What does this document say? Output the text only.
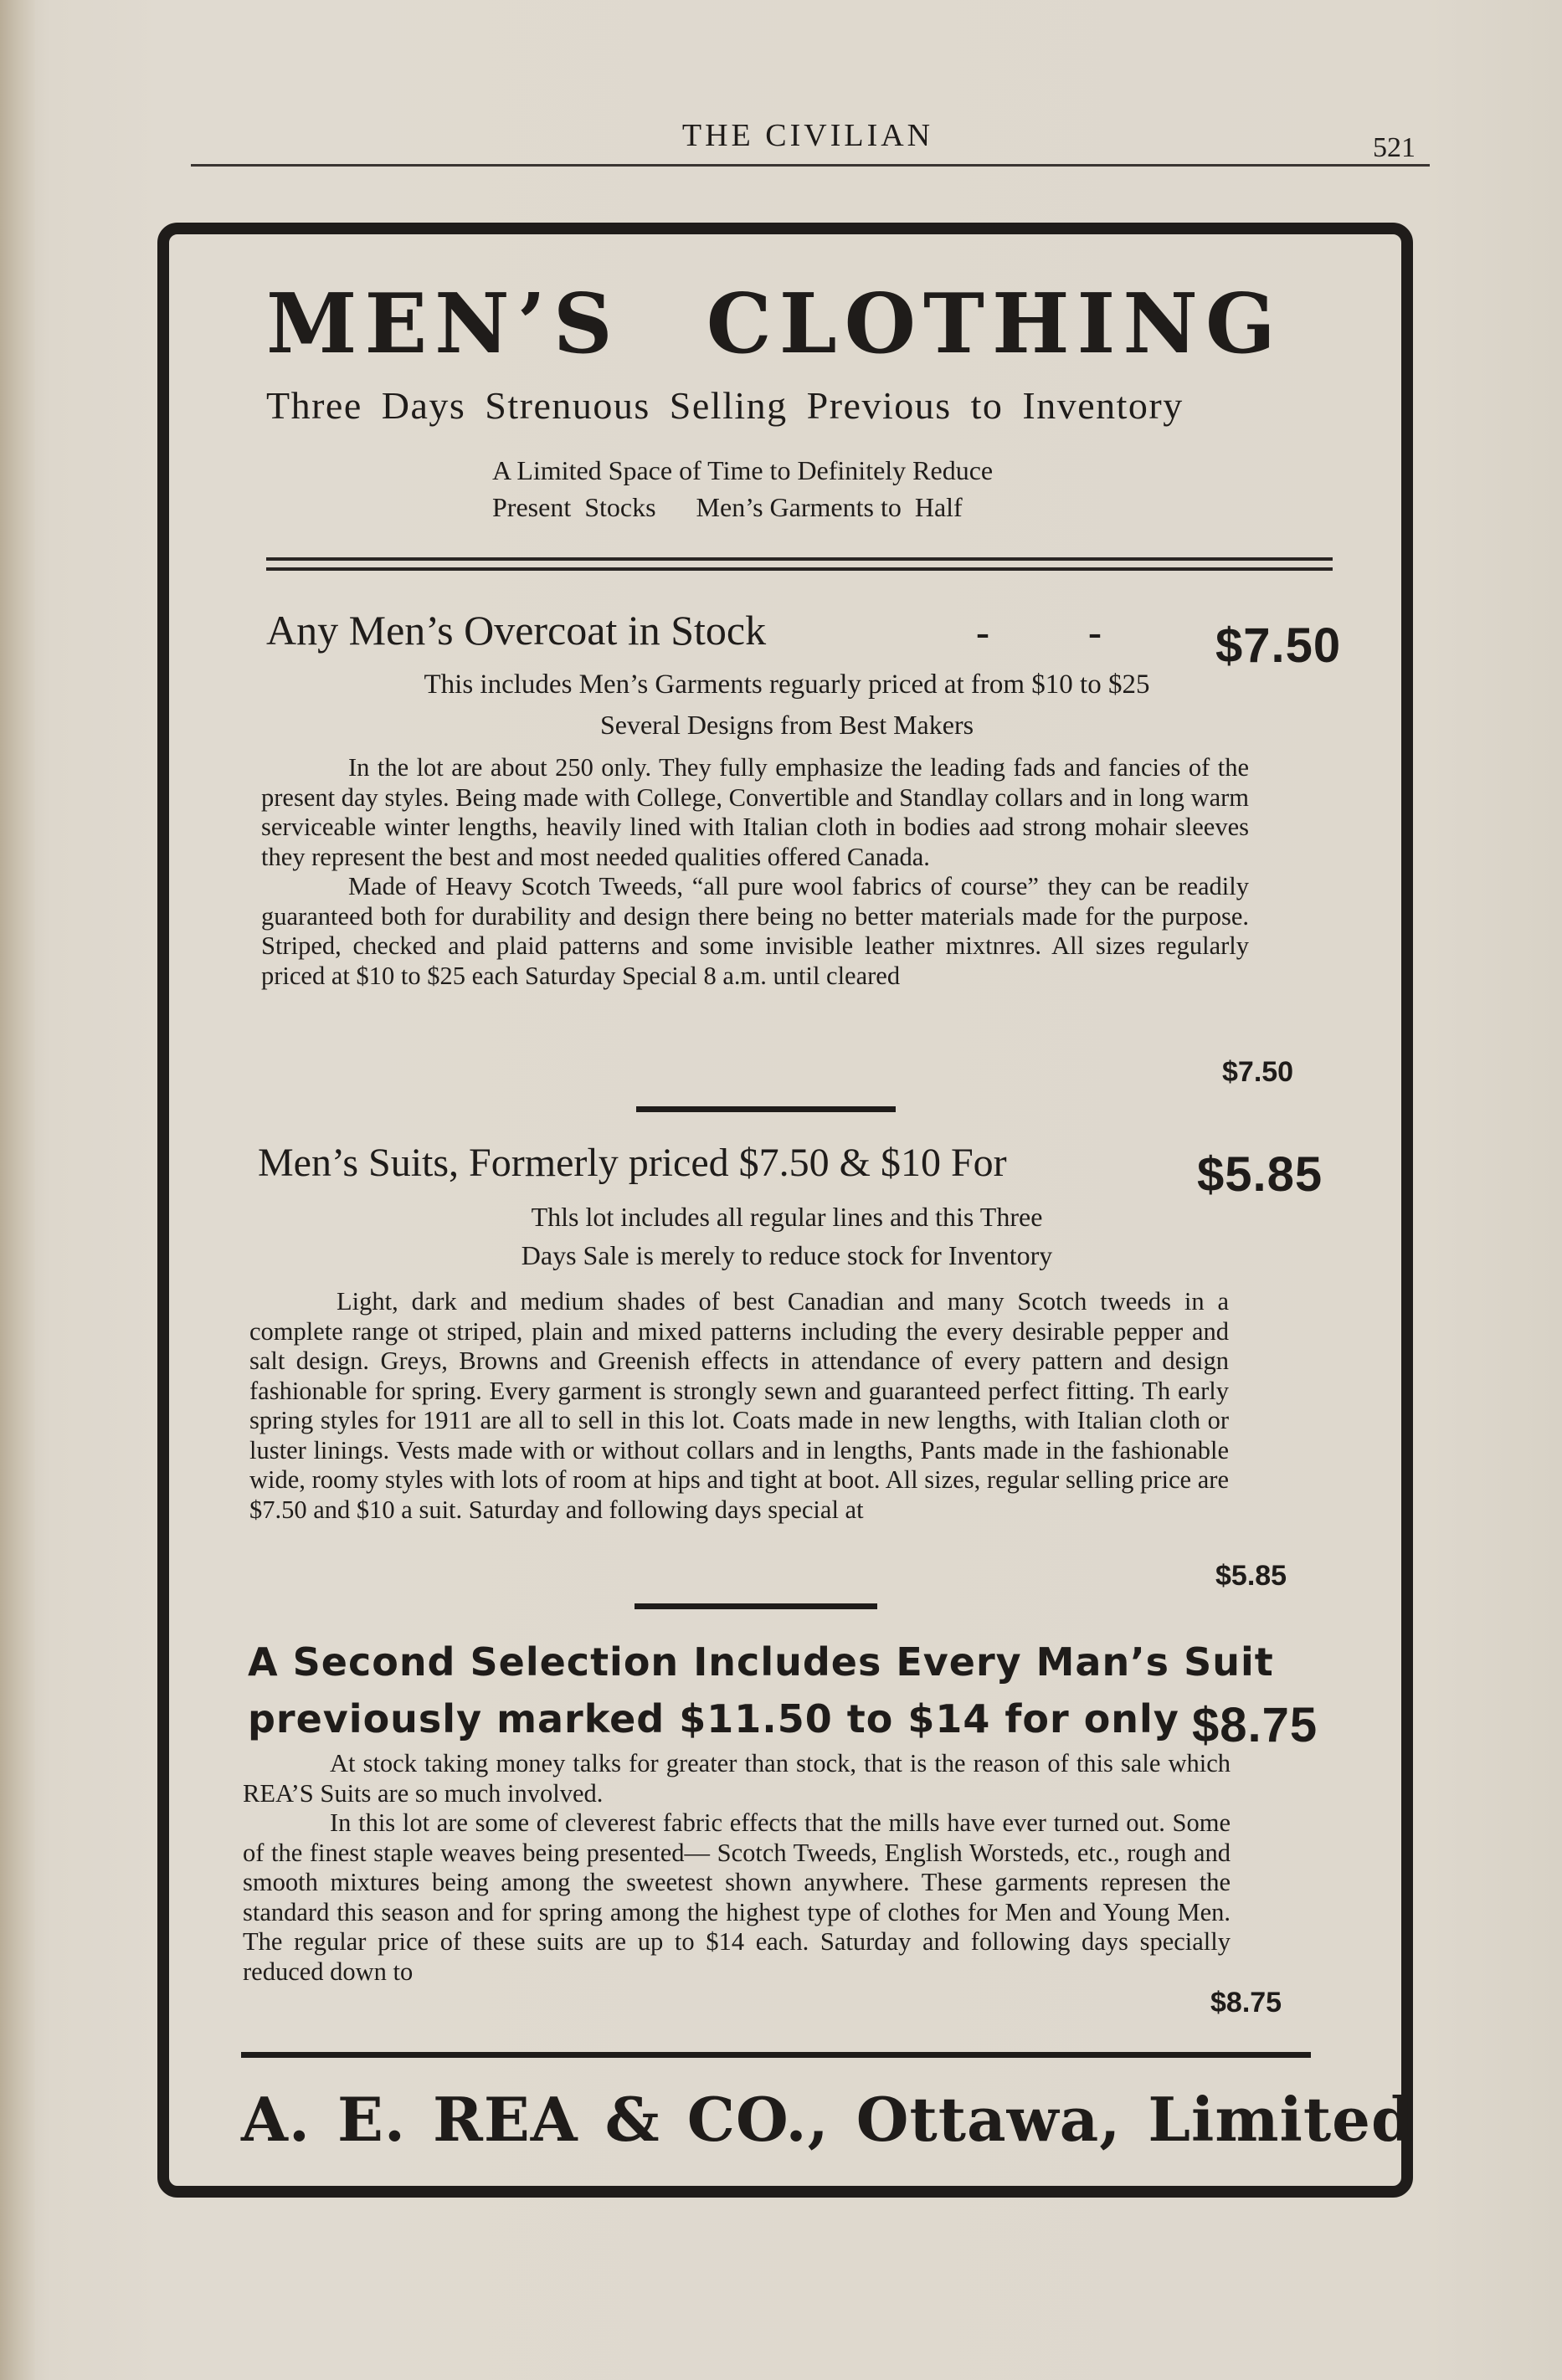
THE CIVILIAN	521
MEN’S CLOTHING
Three Days Strenuous Selling Previous to Inventory
A Limited Space of Time to Definitely Reduce
Present  Stocks      Men’s Garments to  Half
Any Men’s Overcoat in Stock	- - $7.50
This includes Men’s Garments reguarly priced at from $10 to $25
Several Designs from Best Makers

In the lot are about 250 only. They fully emphasize the leading fads and fancies of the present day styles. Being made with College, Convertible and Standlay collars and in long warm serviceable winter lengths, heavily lined with Italian cloth in bodies aad strong mohair sleeves they represent the best and most needed qualities offered Canada.

Made of Heavy Scotch Tweeds, “all pure wool fabrics of course” they can be readily guaranteed both for durability and design there being no better materials made for the purpose. Striped, checked and plaid patterns and some invisible leather mixtnres. All sizes regularly priced at $10 to $25 each Saturday Special 8 a.m. until cleared

$7.50
Men’s Suits, Formerly priced $7.50 & $10 For	$5.85
Thls lot includes all regular lines and this Three
Days Sale is merely to reduce stock for Inventory

Light, dark and medium shades of best Canadian and many Scotch tweeds in a complete range ot striped, plain and mixed patterns including the every desirable pepper and salt design. Greys, Browns and Greenish effects in attendance of every pattern and design fashionable for spring. Every garment is strongly sewn and guaranteed perfect fitting. Th early spring styles for 1911 are all to sell in this lot. Coats made in new lengths, with Italian cloth or luster linings. Vests made with or without collars and in lengths, Pants made in the fashionable wide, roomy styles with lots of room at hips and tight at boot. All sizes, regular selling price are $7.50 and $10 a suit. Saturday and following days special at

$5.85
A Second Selection Includes Every Man’s Suit
previously marked $11.50 to $14 for only $8.75

At stock taking money talks for greater than stock, that is the reason of this sale which REA’S Suits are so much involved.

In this lot are some of cleverest fabric effects that the mills have ever turned out. Some of the finest staple weaves being presented— Scotch Tweeds, English Worsteds, etc., rough and smooth mixtures being among the sweetest shown anywhere. These garments represen the standard this season and for spring among the highest type of clothes for Men and Young Men. The regular price of these suits are up to $14 each. Saturday and following days specially reduced down to

$8.75
A. E. REA & CO., Ottawa, Limited
